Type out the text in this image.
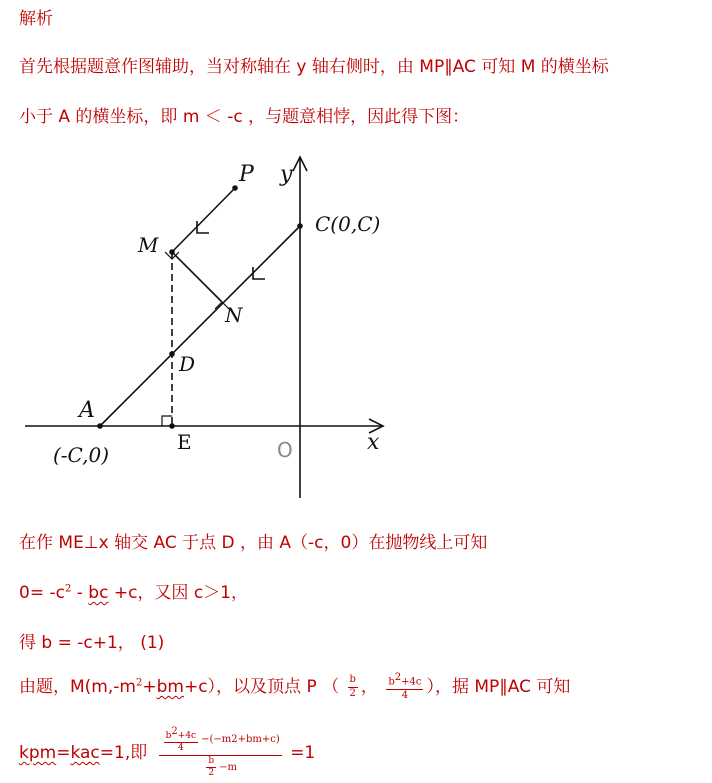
解析
首先根据题意作图辅助，当对称轴在 y 轴右侧时，由 MP∥AC 可知 M 的横坐标
小于 A 的横坐标，即 m ＜ -c ，与题意相悖，因此得下图：
P y
C(0,C)
M
N
D
A
(-C,0)
E	O	x
在作 ME⊥x 轴交 AC 于点 D ，由 A（-c，0）在抛物线上可知
$0= -c^2$ - bc +c，又因 c＞1，
得 b = -c+1， (1)
由题，$M(m,-m^2+bm+c)$，以及顶点 P （ $\frac{b}{2}$ ， $\frac{b^2+4c}{4}$ ），据 MP∥AC 可知
kpm=kac=1,即 $\frac{\frac{b^2+4c}{4} -(-m 2 +bm+c)}{\frac{b}{2} -m} =1$
